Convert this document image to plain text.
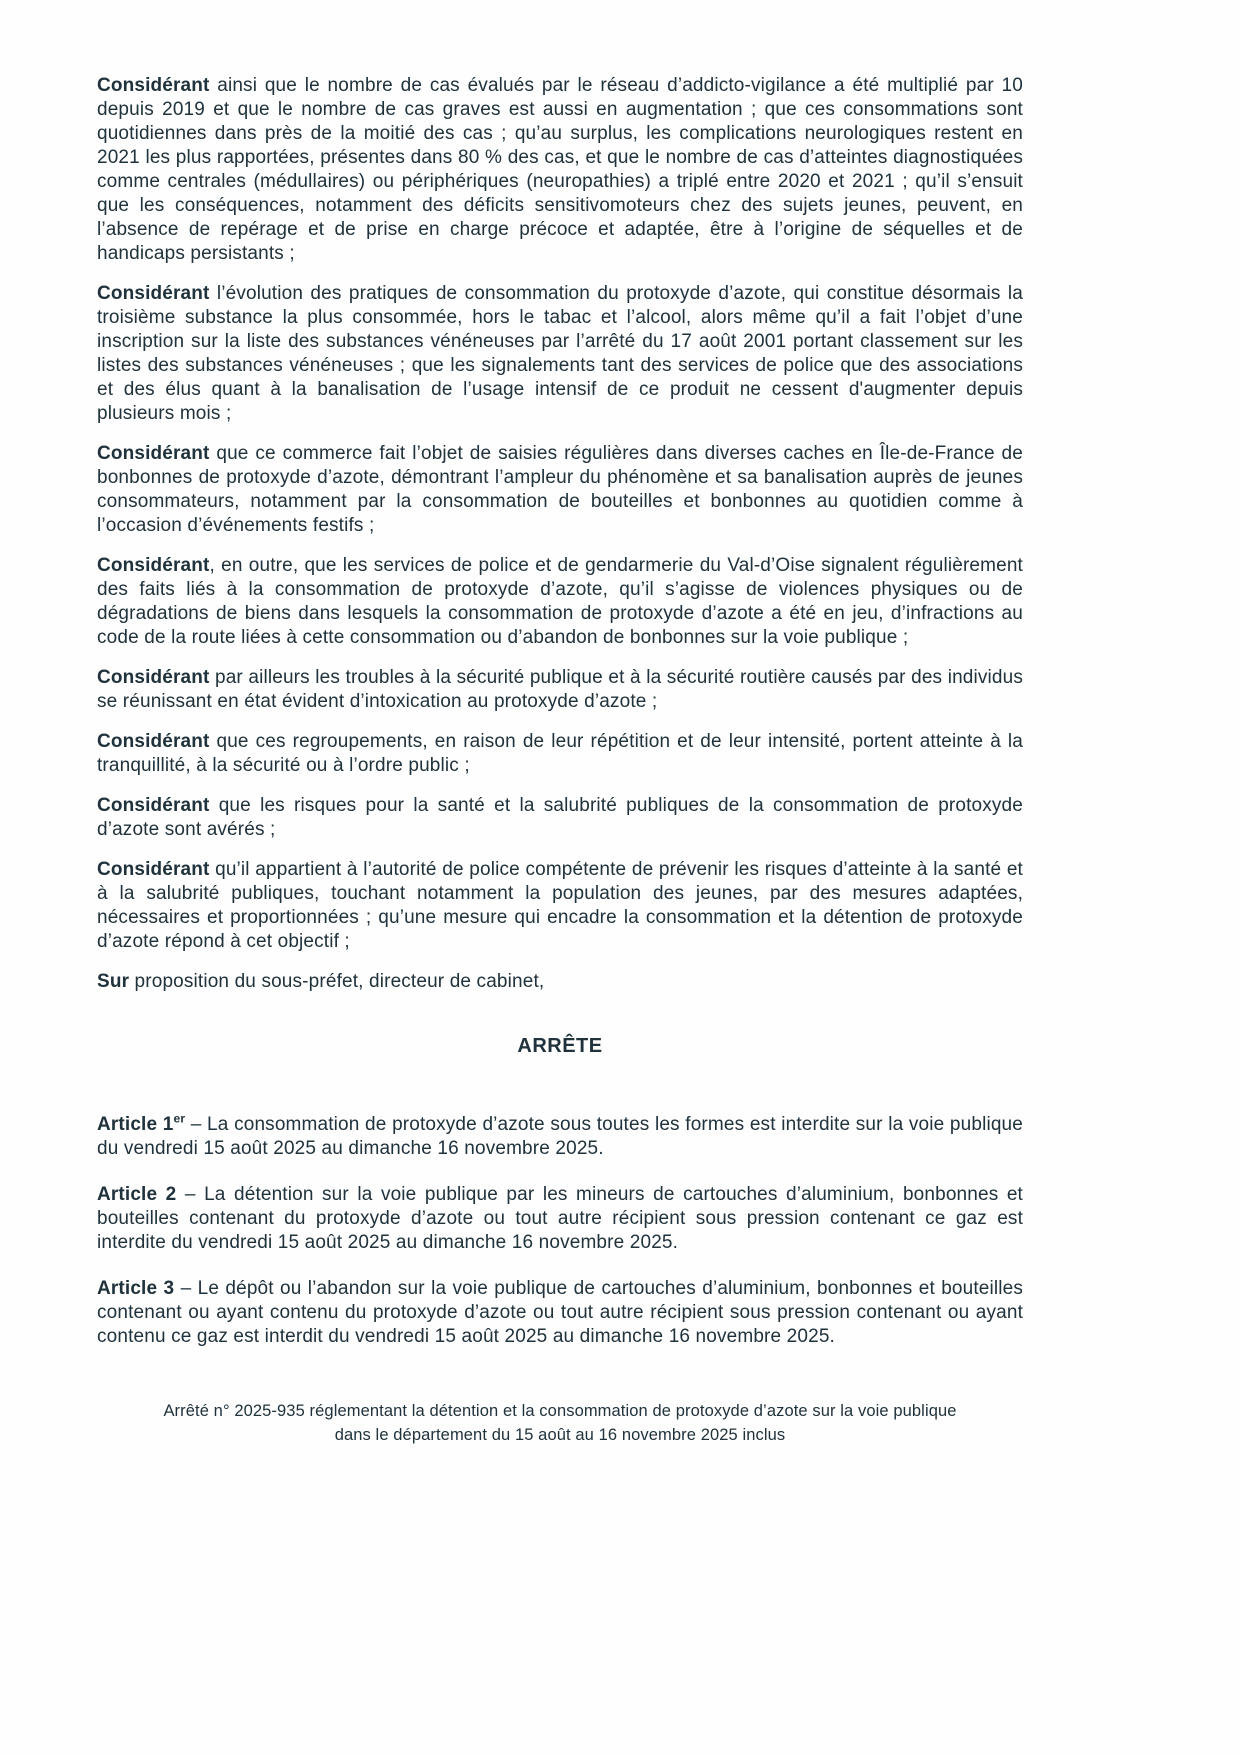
Considérant ainsi que le nombre de cas évalués par le réseau d’addicto-vigilance a été multiplié par 10 depuis 2019 et que le nombre de cas graves est aussi en augmentation ; que ces consommations sont quotidiennes dans près de la moitié des cas ; qu’au surplus, les complications neurologiques restent en 2021 les plus rapportées, présentes dans 80 % des cas, et que le nombre de cas d’atteintes diagnostiquées comme centrales (médullaires) ou périphériques (neuropathies) a triplé entre 2020 et 2021 ; qu’il s’ensuit que les conséquences, notamment des déficits sensitivomoteurs chez des sujets jeunes, peuvent, en l’absence de repérage et de prise en charge précoce et adaptée, être à l’origine de séquelles et de handicaps persistants ;

Considérant l’évolution des pratiques de consommation du protoxyde d’azote, qui constitue désormais la troisième substance la plus consommée, hors le tabac et l’alcool, alors même qu’il a fait l’objet d’une inscription sur la liste des substances vénéneuses par l’arrêté du 17 août 2001 portant classement sur les listes des substances vénéneuses ; que les signalements tant des services de police que des associations et des élus quant à la banalisation de l’usage intensif de ce produit ne cessent d'augmenter depuis plusieurs mois ;

Considérant que ce commerce fait l’objet de saisies régulières dans diverses caches en Île-de-France de bonbonnes de protoxyde d’azote, démontrant l’ampleur du phénomène et sa banalisation auprès de jeunes consommateurs, notamment par la consommation de bouteilles et bonbonnes au quotidien comme à l’occasion d’événements festifs ;

Considérant, en outre, que les services de police et de gendarmerie du Val-d’Oise signalent régulièrement des faits liés à la consommation de protoxyde d’azote, qu’il s’agisse de violences physiques ou de dégradations de biens dans lesquels la consommation de protoxyde d’azote a été en jeu, d’infractions au code de la route liées à cette consommation ou d’abandon de bonbonnes sur la voie publique ;

Considérant par ailleurs les troubles à la sécurité publique et à la sécurité routière causés par des individus se réunissant en état évident d’intoxication au protoxyde d’azote ;

Considérant que ces regroupements, en raison de leur répétition et de leur intensité, portent atteinte à la tranquillité, à la sécurité ou à l’ordre public ;

Considérant que les risques pour la santé et la salubrité publiques de la consommation de protoxyde d’azote sont avérés ;

Considérant qu’il appartient à l’autorité de police compétente de prévenir les risques d’atteinte à la santé et à la salubrité publiques, touchant notamment la population des jeunes, par des mesures adaptées, nécessaires et proportionnées ; qu’une mesure qui encadre la consommation et la détention de protoxyde d’azote répond à cet objectif ;

Sur proposition du sous-préfet, directeur de cabinet,

ARRÊTE

Article 1er – La consommation de protoxyde d’azote sous toutes les formes est interdite sur la voie publique du vendredi 15 août 2025 au dimanche 16 novembre 2025.

Article 2 – La détention sur la voie publique par les mineurs de cartouches d’aluminium, bonbonnes et bouteilles contenant du protoxyde d’azote ou tout autre récipient sous pression contenant ce gaz est interdite du vendredi 15 août 2025 au dimanche 16 novembre 2025.

Article 3 – Le dépôt ou l’abandon sur la voie publique de cartouches d’aluminium, bonbonnes et bouteilles contenant ou ayant contenu du protoxyde d’azote ou tout autre récipient sous pression contenant ou ayant contenu ce gaz est interdit du vendredi 15 août 2025 au dimanche 16 novembre 2025.

Arrêté n° 2025-935 réglementant la détention et la consommation de protoxyde d’azote sur la voie publique
dans le département du 15 août au 16 novembre 2025 inclus
